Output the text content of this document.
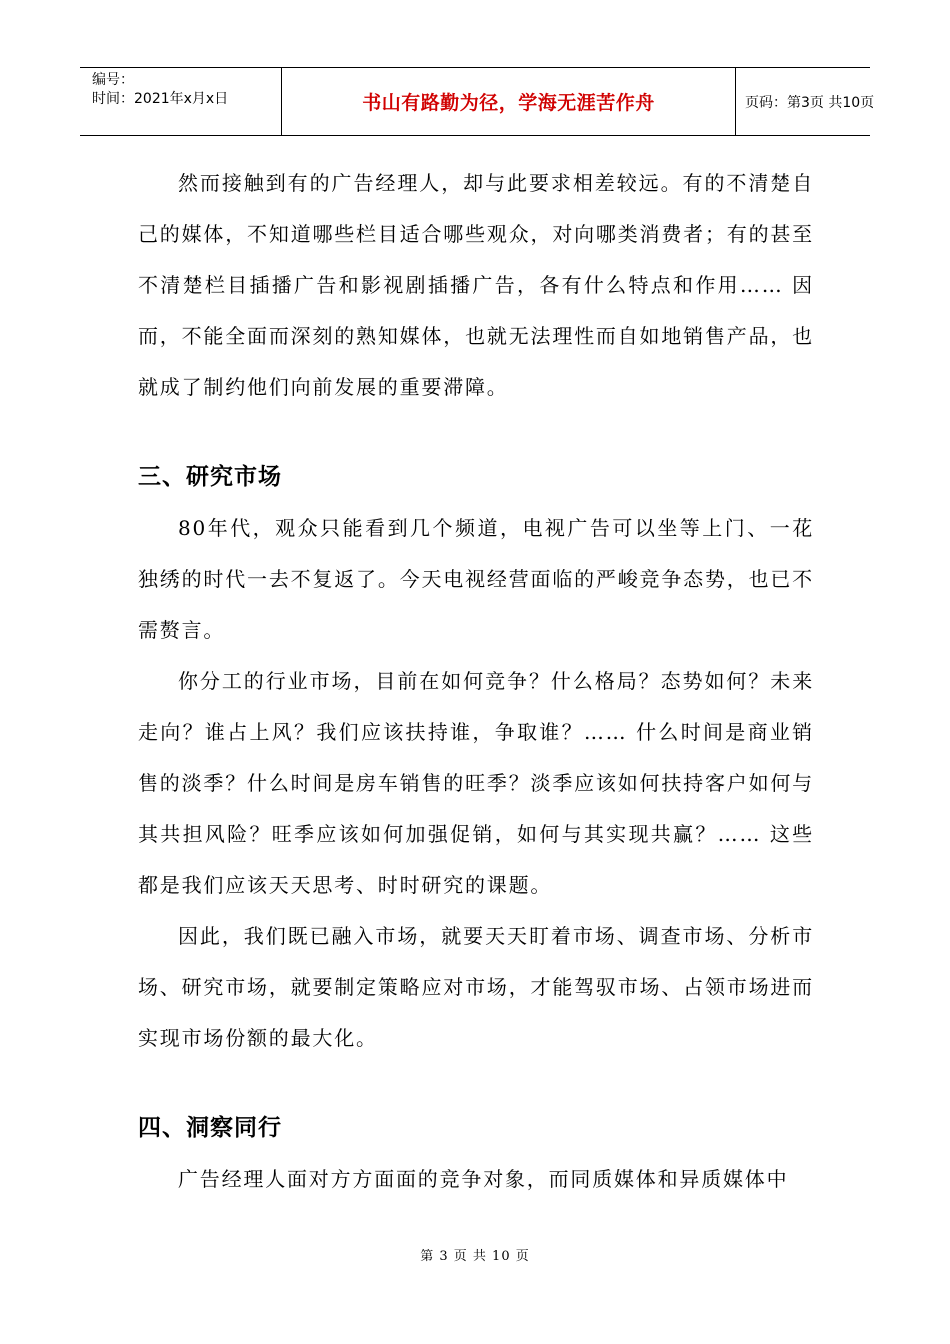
编号：
时间：2021年x月x日	书山有路勤为径，学海无涯苦作舟	页码：第3页 共10页

然而接触到有的广告经理人，却与此要求相差较远。有的不清楚自己的媒体，不知道哪些栏目适合哪些观众，对向哪类消费者；有的甚至不清楚栏目插播广告和影视剧插播广告，各有什么特点和作用…… 因而，不能全面而深刻的熟知媒体，也就无法理性而自如地销售产品，也就成了制约他们向前发展的重要滞障。

三、研究市场

80年代，观众只能看到几个频道，电视广告可以坐等上门、一花独绣的时代一去不复返了。今天电视经营面临的严峻竞争态势，也已不需赘言。

你分工的行业市场，目前在如何竞争？什么格局？态势如何？未来走向？谁占上风？我们应该扶持谁，争取谁？…… 什么时间是商业销售的淡季？什么时间是房车销售的旺季？淡季应该如何扶持客户如何与其共担风险？旺季应该如何加强促销，如何与其实现共赢？…… 这些都是我们应该天天思考、时时研究的课题。

因此，我们既已融入市场，就要天天盯着市场、调查市场、分析市场、研究市场，就要制定策略应对市场，才能驾驭市场、占领市场进而实现市场份额的最大化。

四、洞察同行

广告经理人面对方方面面的竞争对象，而同质媒体和异质媒体中

第 3 页 共 10 页
